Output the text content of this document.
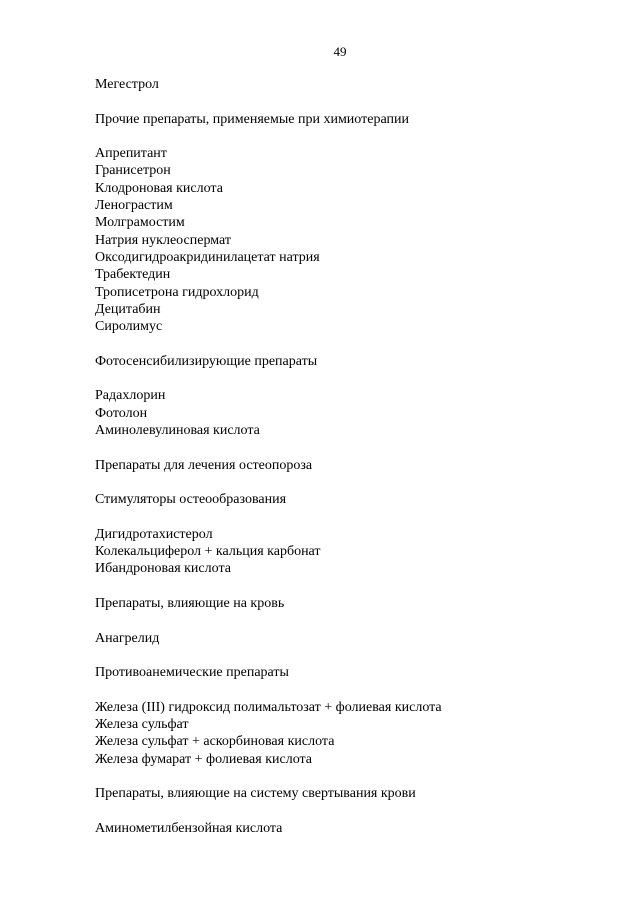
49
Мегестрол
Прочие препараты, применяемые при химиотерапии
Апрепитант
Гранисетрон
Клодроновая кислота
Ленограстим
Молграмостим
Натрия нуклеоспермат
Оксодигидроакридинилацетат натрия
Трабектедин
Трописетрона гидрохлорид
Децитабин
Сиролимус
Фотосенсибилизирующие препараты
Радахлорин
Фотолон
Аминолевулиновая кислота
Препараты для лечения остеопороза
Стимуляторы остеообразования
Дигидротахистерол
Колекальциферол + кальция карбонат
Ибандроновая кислота
Препараты, влияющие на кровь
Анагрелид
Противоанемические препараты
Железа (III) гидроксид полимальтозат + фолиевая кислота
Железа сульфат
Железа сульфат + аскорбиновая кислота
Железа фумарат + фолиевая кислота
Препараты, влияющие на систему свертывания крови
Аминометилбензойная кислота
